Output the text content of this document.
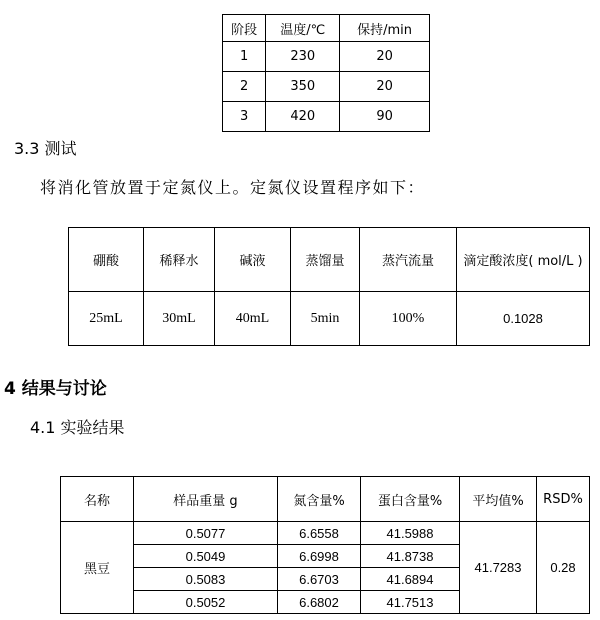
阶段	温度/℃	保持/min
1	230	20
2	350	20
3	420	90
3.3 测试
将消化管放置于定氮仪上。定氮仪设置程序如下：
硼酸	稀释水	碱液	蒸馏量	蒸汽流量	滴定酸浓度( mol/L )
25mL	30mL	40mL	5min	100%	0.1028
4 结果与讨论
4.1 实验结果
名称	样品重量 g	氮含量%	蛋白含量%	平均值%	RSD%
黑豆	0.5077	6.6558	41.5988	41.7283	0.28
	0.5049	6.6998	41.8738		
	0.5083	6.6703	41.6894		
	0.5052	6.6802	41.7513		
